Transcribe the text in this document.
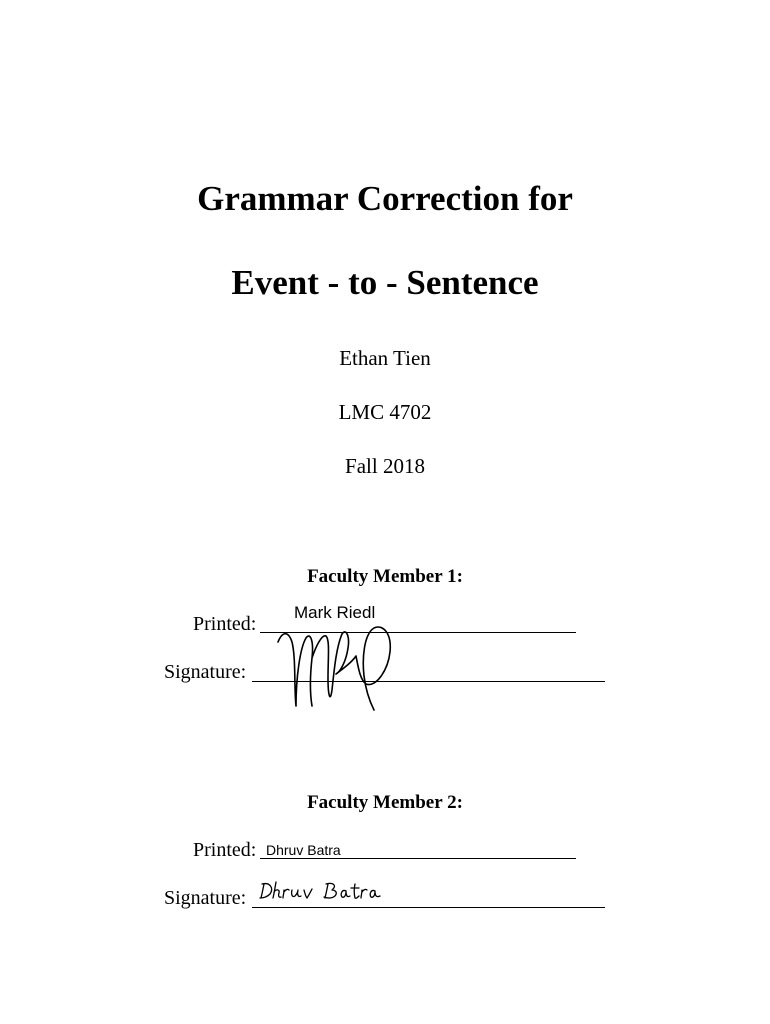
Grammar Correction for
Event - to - Sentence
Ethan Tien
LMC 4702
Fall 2018
Faculty Member 1:
Printed:
Mark Riedl
Signature:
Faculty Member 2:
Printed: Dhruv Batra
Signature:
